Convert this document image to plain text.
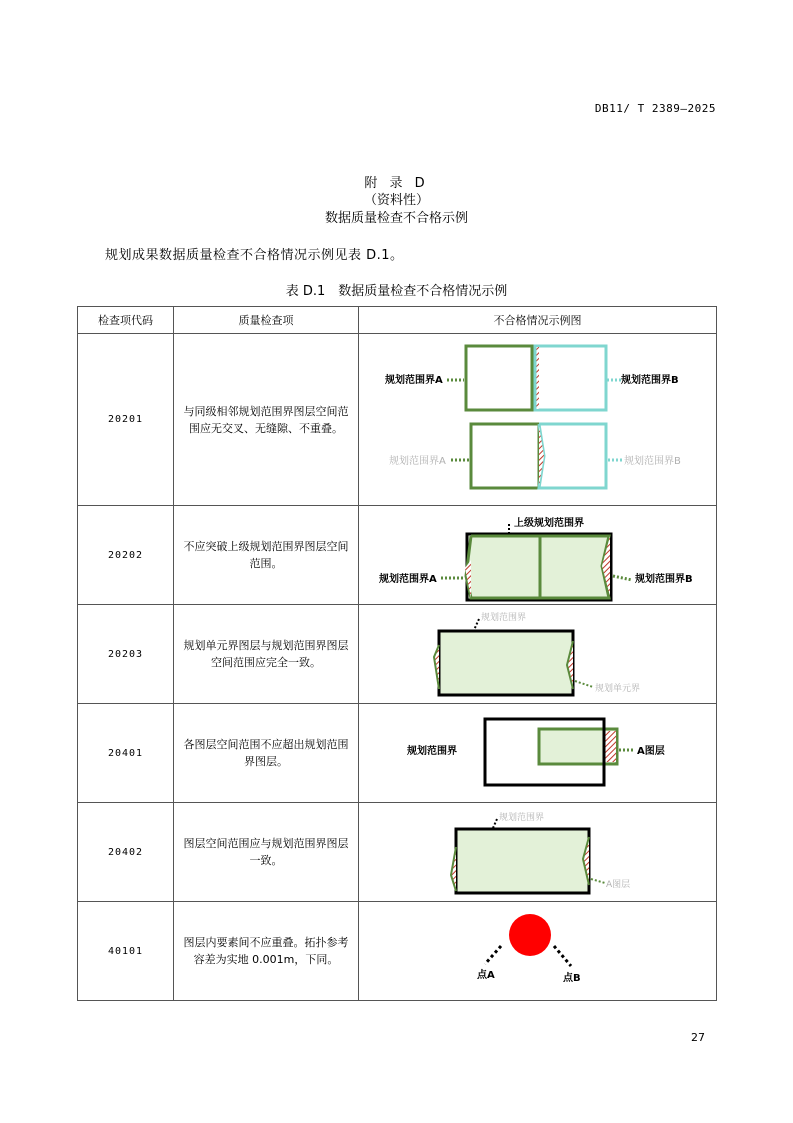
DB11/ T 2389—2025
附 录 D
（资料性）
数据质量检查不合格示例
规划成果数据质量检查不合格情况示例见表 D.1。
表 D.1　数据质量检查不合格情况示例
检查项代码	质量检查项	不合格情况示例图
20201	与同级相邻规划范围界图层空间范围应无交叉、无缝隙、不重叠。	规划范围界A 规划范围界B
规划范围界A 规划范围界B

20202	不应突破上级规划范围界图层空间范围。	上级规划范围界
规划范围界A 规划范围界B

20203	规划单元界图层与规划范围界图层空间范围应完全一致。	规划范围界
规划单元界

20401	各图层空间范围不应超出规划范围界图层。	规划范围界 A图层

20402	图层空间范围应与规划范围界图层一致。	规划范围界
A图层

40101	图层内要素间不应重叠。拓扑参考容差为实地 0.001m，下同。	点A 点B
27
